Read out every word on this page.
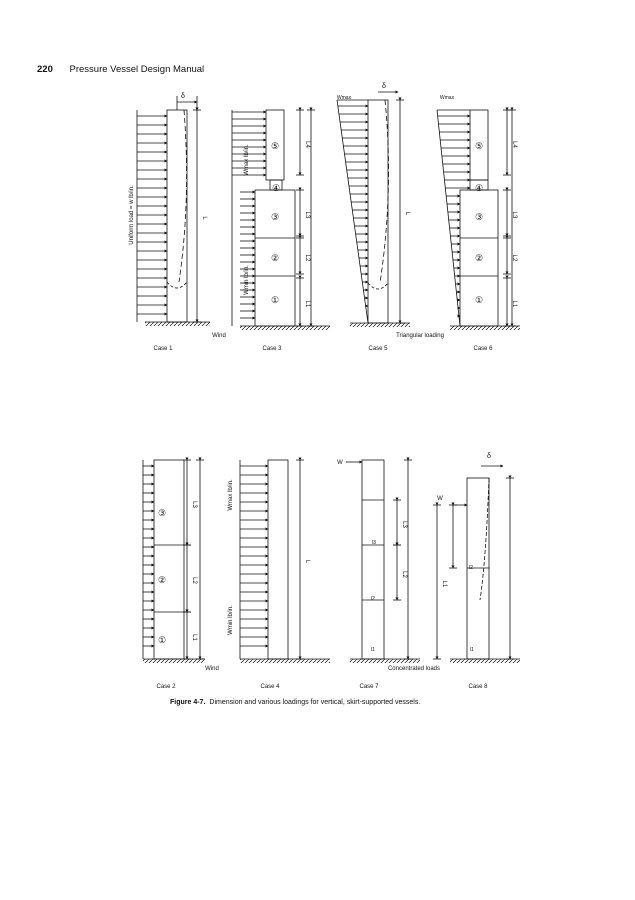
220 Pressure Vessel Design Manual
δ
L
Uniform load = w lb/in.
Case 1
⑤
④
③
②
①
L4
L3
L2
L1
Wmax lb/in.
Wmin lb/in.
Wind
Case 3
δ
Wmax
L
Triangular loading
Case 5
⑤
④
③
②
①
Wmax
L4
L3
L2
L1
Case 6
③
②
①
L3
L2
L1
Case 2
L
Wmax lb/in.
Wmin lb/in.
Wind
Case 4
W
L3
L2
l3
l2
l1
Concentrated loads
Case 7
W
δ
L1
l2
l1
Case 8
Figure 4-7. Dimension and various loadings for vertical, skirt-supported vessels.
